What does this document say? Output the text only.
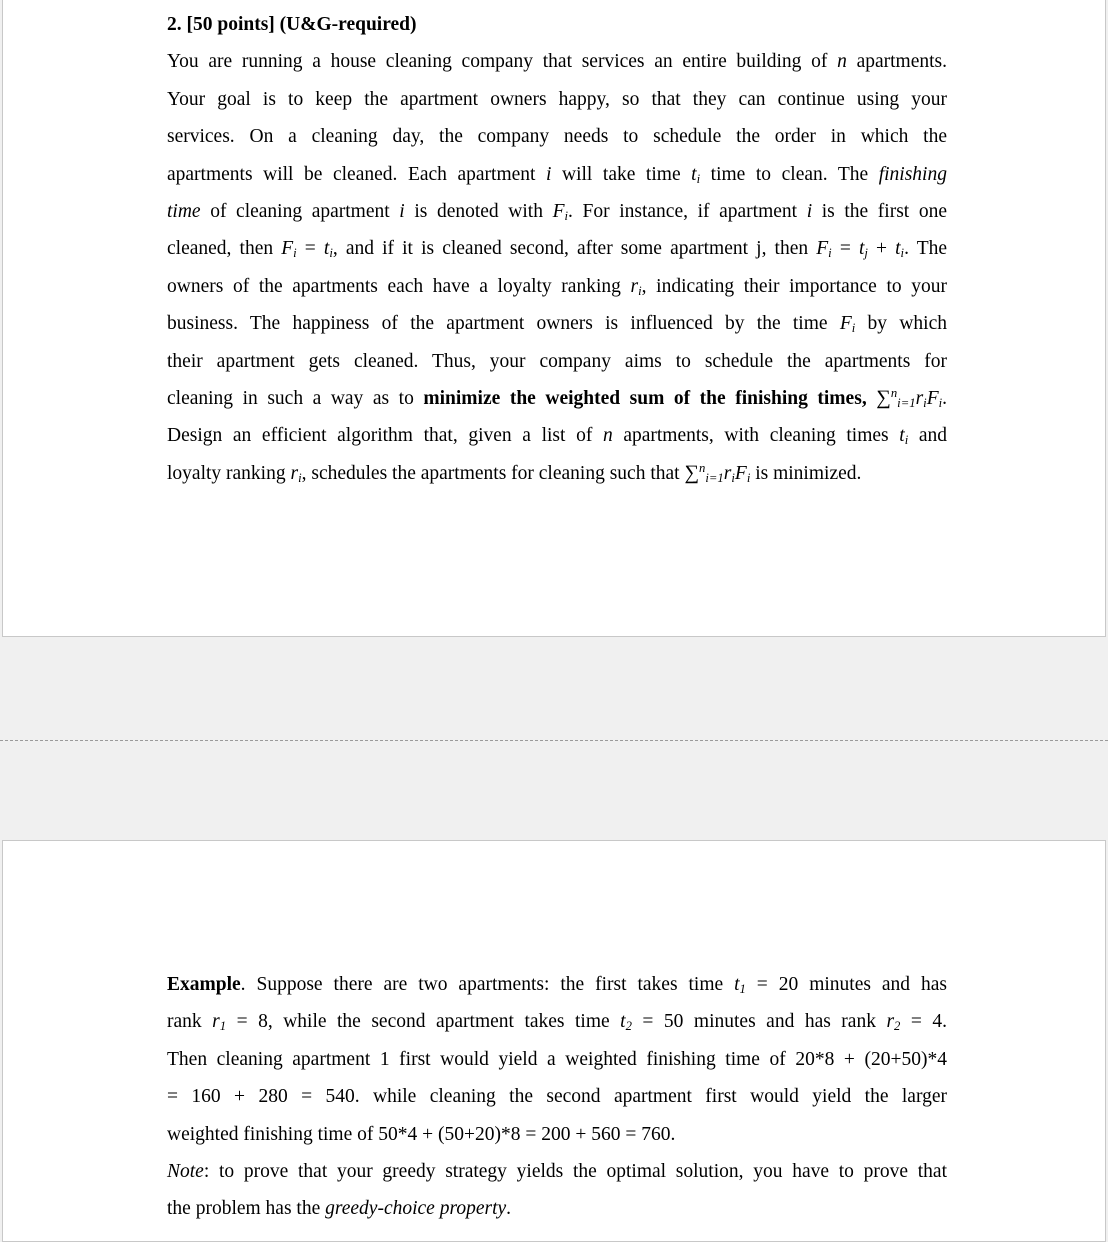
2. [50 points] (U&G-required)
You are running a house cleaning company that services an entire building of n apartments.
Your goal is to keep the apartment owners happy, so that they can continue using your
services. On a cleaning day, the company needs to schedule the order in which the
apartments will be cleaned. Each apartment i will take time $t_i$ time to clean. The finishing
time of cleaning apartment i is denoted with $F_i$. For instance, if apartment i is the first one
cleaned, then $F_i = t_i$, and if it is cleaned second, after some apartment j, then $F_i = t_j + t_i$. The
owners of the apartments each have a loyalty ranking $r_i$, indicating their importance to your
business. The happiness of the apartment owners is influenced by the time $F_i$ by which
their apartment gets cleaned. Thus, your company aims to schedule the apartments for
cleaning in such a way as to minimize the weighted sum of the finishing times, $\sum^n_{i=1}r_iF_i$.
Design an efficient algorithm that, given a list of n apartments, with cleaning times $t_i$ and
loyalty ranking $r_i$, schedules the apartments for cleaning such that $\sum^n_{i=1}r_iF_i$ is minimized.
Example. Suppose there are two apartments: the first takes time $t_1 = 20$ minutes and has
rank $r_1 = 8$, while the second apartment takes time $t_2 = 50$ minutes and has rank $r_2 = 4$.
Then cleaning apartment 1 first would yield a weighted finishing time of 20*8 + (20+50)*4
= 160 + 280 = 540. while cleaning the second apartment first would yield the larger
weighted finishing time of 50*4 + (50+20)*8 = 200 + 560 = 760.
Note: to prove that your greedy strategy yields the optimal solution, you have to prove that
the problem has the greedy-choice property.
